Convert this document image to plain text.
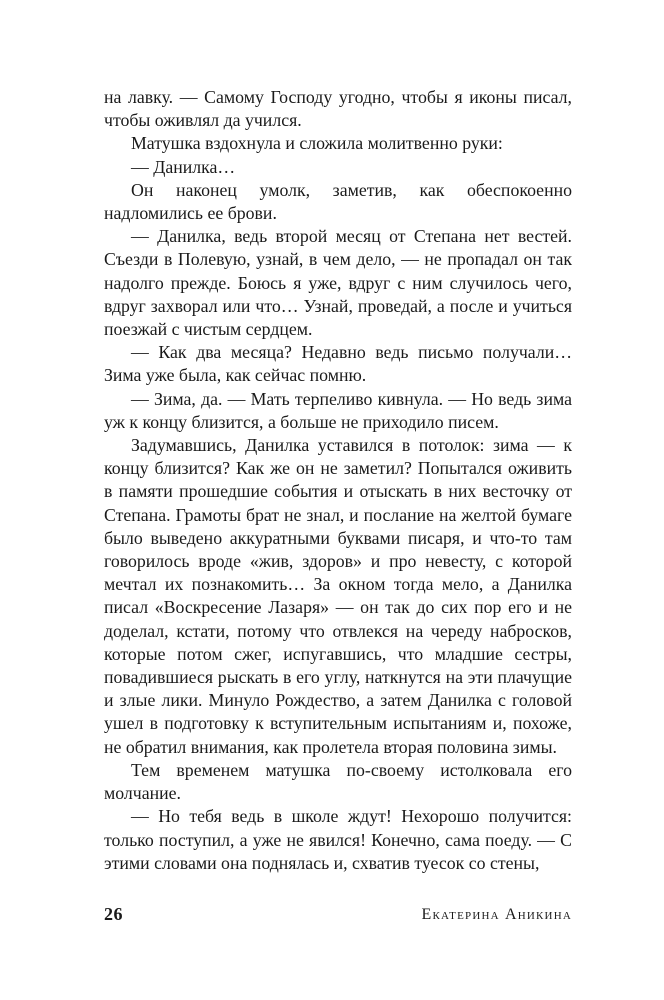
на лавку. — Самому Господу угодно, чтобы я иконы писал, чтобы оживлял да учился.

Матушка вздохнула и сложила молитвенно руки:

— Данилка…

Он наконец умолк, заметив, как обеспокоенно надломились ее брови.

— Данилка, ведь второй месяц от Степана нет вестей. Съезди в Полевую, узнай, в чем дело, — не пропадал он так надолго прежде. Боюсь я уже, вдруг с ним случилось чего, вдруг захворал или что… Узнай, проведай, а после и учиться поезжай с чистым сердцем.

— Как два месяца? Недавно ведь письмо получали… Зима уже была, как сейчас помню.

— Зима, да. — Мать терпеливо кивнула. — Но ведь зима уж к концу близится, а больше не приходило писем.

Задумавшись, Данилка уставился в потолок: зима — к концу близится? Как же он не заметил? Попытался оживить в памяти прошедшие события и отыскать в них весточку от Степана. Грамоты брат не знал, и послание на желтой бумаге было выведено аккуратными буквами писаря, и что-то там говорилось вроде «жив, здоров» и про невесту, с которой мечтал их познакомить… За окном тогда мело, а Данилка писал «Воскресение Лазаря» — он так до сих пор его и не доделал, кстати, потому что отвлекся на череду набросков, которые потом сжег, испугавшись, что младшие сестры, повадившиеся рыскать в его углу, наткнутся на эти плачущие и злые лики. Минуло Рождество, а затем Данилка с головой ушел в подготовку к вступительным испытаниям и, похоже, не обратил внимания, как пролетела вторая половина зимы.

Тем временем матушка по-своему истолковала его молчание.

— Но тебя ведь в школе ждут! Нехорошо получится: только поступил, а уже не явился! Конечно, сама поеду. — С этими словами она поднялась и, схватив туесок со стены,

26	Екатерина Аникина
